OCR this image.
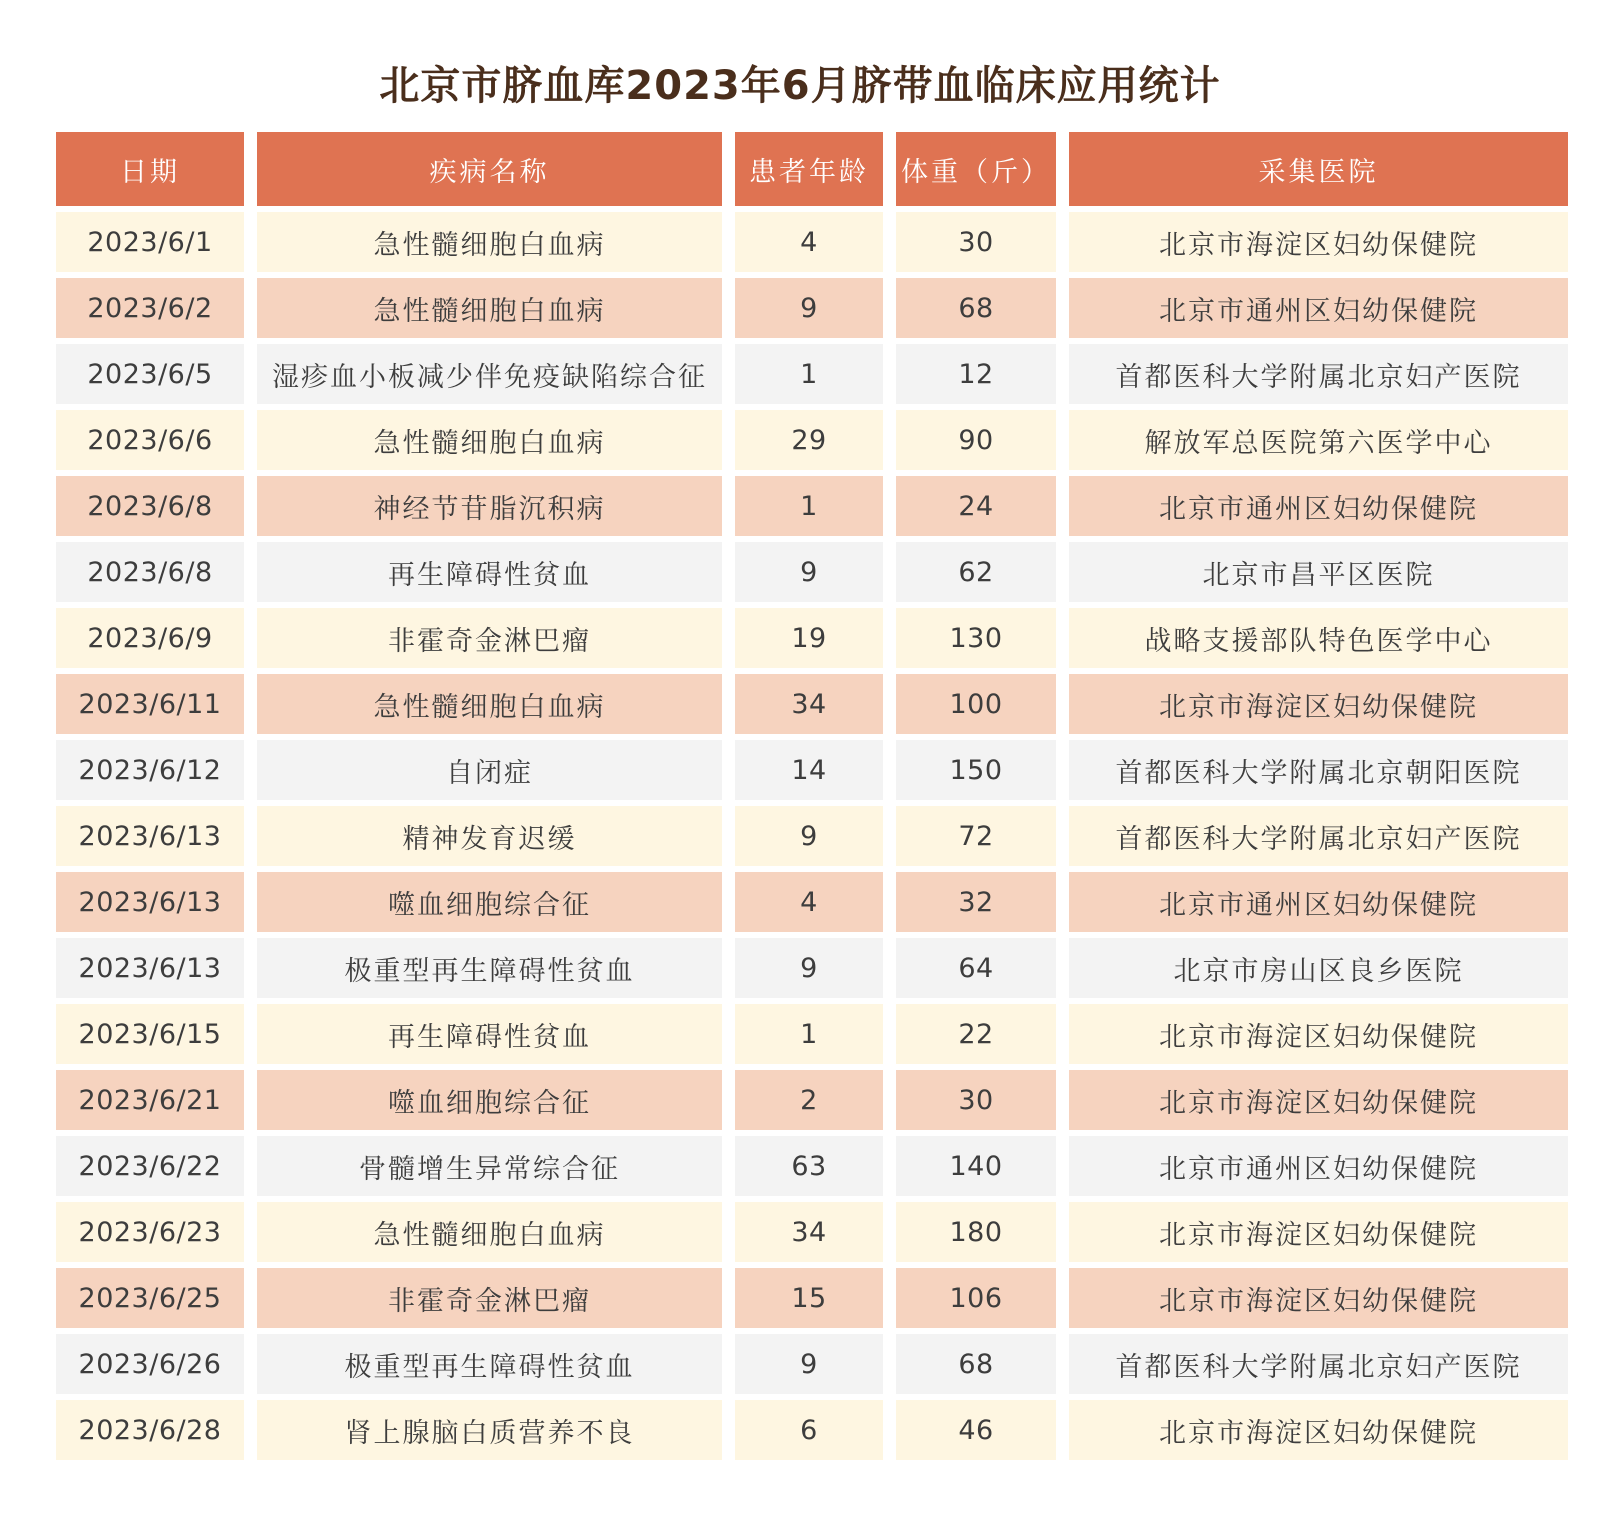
北京市脐血库2023年6月脐带血临床应用统计
日期	疾病名称	患者年龄	体重（斤）	采集医院
2023/6/1	急性髓细胞白血病	4	30	北京市海淀区妇幼保健院
2023/6/2	急性髓细胞白血病	9	68	北京市通州区妇幼保健院
2023/6/5	湿疹血小板减少伴免疫缺陷综合征	1	12	首都医科大学附属北京妇产医院
2023/6/6	急性髓细胞白血病	29	90	解放军总医院第六医学中心
2023/6/8	神经节苷脂沉积病	1	24	北京市通州区妇幼保健院
2023/6/8	再生障碍性贫血	9	62	北京市昌平区医院
2023/6/9	非霍奇金淋巴瘤	19	130	战略支援部队特色医学中心
2023/6/11	急性髓细胞白血病	34	100	北京市海淀区妇幼保健院
2023/6/12	自闭症	14	150	首都医科大学附属北京朝阳医院
2023/6/13	精神发育迟缓	9	72	首都医科大学附属北京妇产医院
2023/6/13	噬血细胞综合征	4	32	北京市通州区妇幼保健院
2023/6/13	极重型再生障碍性贫血	9	64	北京市房山区良乡医院
2023/6/15	再生障碍性贫血	1	22	北京市海淀区妇幼保健院
2023/6/21	噬血细胞综合征	2	30	北京市海淀区妇幼保健院
2023/6/22	骨髓增生异常综合征	63	140	北京市通州区妇幼保健院
2023/6/23	急性髓细胞白血病	34	180	北京市海淀区妇幼保健院
2023/6/25	非霍奇金淋巴瘤	15	106	北京市海淀区妇幼保健院
2023/6/26	极重型再生障碍性贫血	9	68	首都医科大学附属北京妇产医院
2023/6/28	肾上腺脑白质营养不良	6	46	北京市海淀区妇幼保健院
